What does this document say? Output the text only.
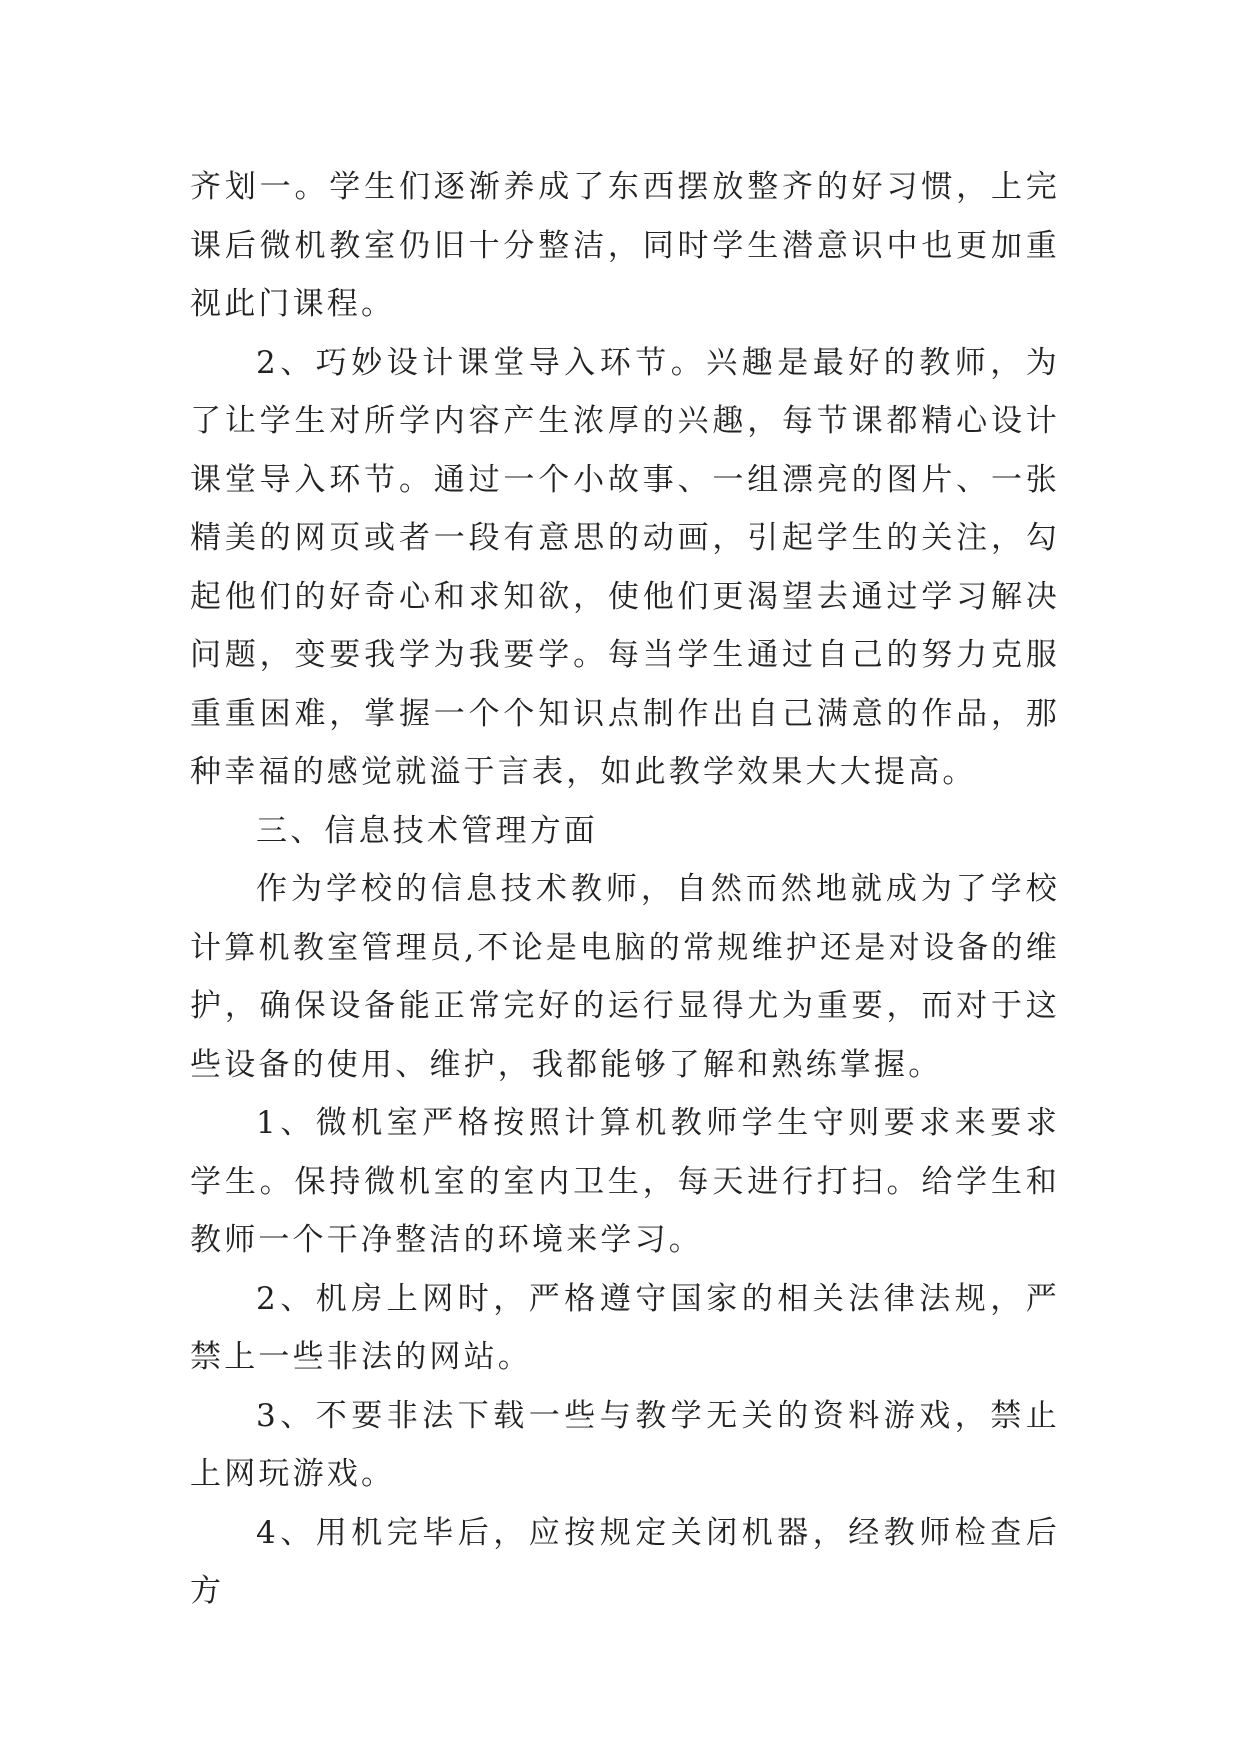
齐划一。学生们逐渐养成了东西摆放整齐的好习惯，上完课后微机教室仍旧十分整洁，同时学生潜意识中也更加重视此门课程。

2、巧妙设计课堂导入环节。兴趣是最好的教师，为了让学生对所学内容产生浓厚的兴趣，每节课都精心设计课堂导入环节。通过一个小故事、一组漂亮的图片、一张精美的网页或者一段有意思的动画，引起学生的关注，勾起他们的好奇心和求知欲，使他们更渴望去通过学习解决问题，变要我学为我要学。每当学生通过自己的努力克服重重困难，掌握一个个知识点制作出自己满意的作品，那种幸福的感觉就溢于言表，如此教学效果大大提高。

三、信息技术管理方面

作为学校的信息技术教师，自然而然地就成为了学校计算机教室管理员,不论是电脑的常规维护还是对设备的维护，确保设备能正常完好的运行显得尤为重要，而对于这些设备的使用、维护，我都能够了解和熟练掌握。

1、微机室严格按照计算机教师学生守则要求来要求学生。保持微机室的室内卫生，每天进行打扫。给学生和教师一个干净整洁的环境来学习。

2、机房上网时，严格遵守国家的相关法律法规，严禁上一些非法的网站。

3、不要非法下载一些与教学无关的资料游戏，禁止上网玩游戏。

4、用机完毕后，应按规定关闭机器，经教师检查后方
